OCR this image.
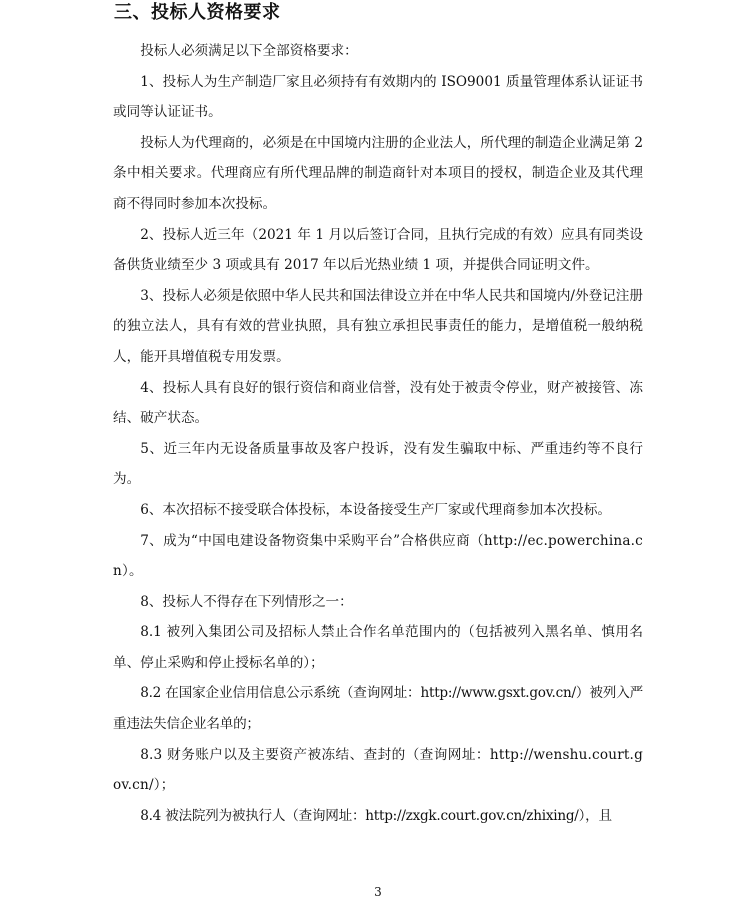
三、投标人资格要求

投标人必须满足以下全部资格要求：

1、投标人为生产制造厂家且必须持有有效期内的 ISO9001 质量管理体系认证证书或同等认证证书。

投标人为代理商的，必须是在中国境内注册的企业法人，所代理的制造企业满足第 2 条中相关要求。代理商应有所代理品牌的制造商针对本项目的授权，制造企业及其代理商不得同时参加本次投标。

2、投标人近三年（2021 年 1 月以后签订合同，且执行完成的有效）应具有同类设备供货业绩至少 3 项或具有 2017 年以后光热业绩 1 项，并提供合同证明文件。

3、投标人必须是依照中华人民共和国法律设立并在中华人民共和国境内/外登记注册的独立法人，具有有效的营业执照，具有独立承担民事责任的能力，是增值税一般纳税人，能开具增值税专用发票。

4、投标人具有良好的银行资信和商业信誉，没有处于被责令停业，财产被接管、冻结、破产状态。

5、近三年内无设备质量事故及客户投诉，没有发生骗取中标、严重违约等不良行为。

6、本次招标不接受联合体投标，本设备接受生产厂家或代理商参加本次投标。

7、成为“中国电建设备物资集中采购平台”合格供应商（http://ec.powerchina.cn）。

8、投标人不得存在下列情形之一：

8.1 被列入集团公司及招标人禁止合作名单范围内的（包括被列入黑名单、慎用名单、停止采购和停止授标名单的）；

8.2 在国家企业信用信息公示系统（查询网址：http://www.gsxt.gov.cn/）被列入严重违法失信企业名单的；

8.3 财务账户以及主要资产被冻结、查封的（查询网址：http://wenshu.court.gov.cn/）；

8.4 被法院列为被执行人（查询网址：http://zxgk.court.gov.cn/zhixing/），且

3
